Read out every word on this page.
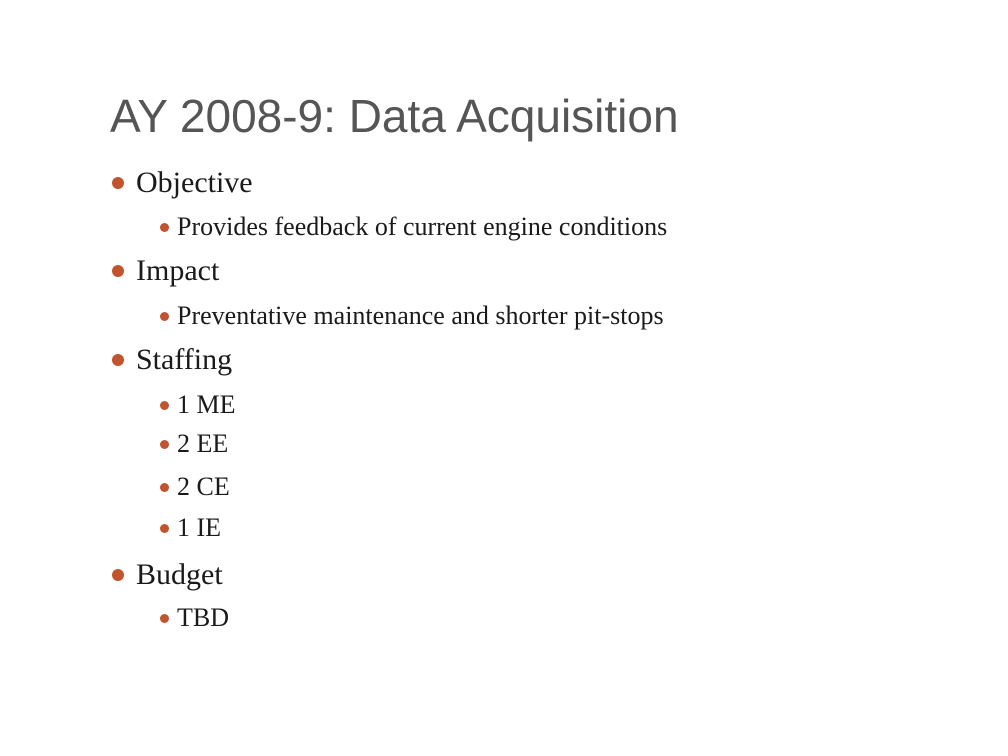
AY 2008-9: Data Acquisition
Objective
Provides feedback of current engine conditions
Impact
Preventative maintenance and shorter pit-stops
Staffing
1 ME
2 EE
2 CE
1 IE
Budget
TBD
